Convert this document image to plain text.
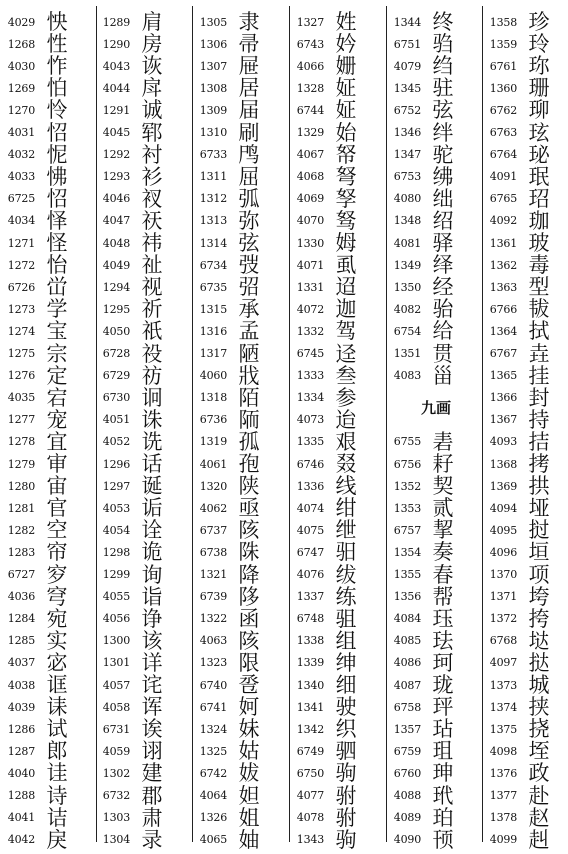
4029 怏
1268 性
4030 怍
1269 怕
1270 怜
4031 怊
4032 怩
4033 怫
6725 怊
4034 怿
1271 怪
1272 怡
6726 峃
1273 学
1274 宝
1275 宗
1276 定
4035 宕
1277 宠
1278 宜
1279 审
1280 宙
1281 官
1282 空
1283 帘
6727 穸
4036 穹
1284 宛
1285 实
4037 宓
4038 诓
4039 诔
1286 试
1287 郎
4040 诖
1288 诗
4041 诘
4042 戾
1289 肩
1290 房
4043 诙
4044 戽
1291 诚
4045 郓
1292 衬
1293 衫
4046 衩
4047 祆
4048 祎
4049 祉
1294 视
1295 祈
4050 祇
6728 祋
6729 祊
6730 诇
4051 诛
4052 诜
1296 话
1297 诞
4053 诟
4054 诠
1298 诡
1299 询
4055 诣
4056 诤
1300 该
1301 详
4057 诧
4058 诨
6731 诶
4059 诩
1302 建
6732 郡
1303 肃
1304 录
1305 隶
1306 帚
1307 屉
1308 居
1309 届
1310 刷
6733 鸤
1311 屈
1312 弧
1313 弥
1314 弦
6734 弢
6735 弨
1315 承
1316 孟
1317 陋
4060 戕
1318 陌
6736 陑
1319 孤
4061 孢
1320 陕
4062 亟
6737 陔
6738 陎
1321 降
6739 陊
1322 函
4063 陔
1323 限
6740 卺
6741 妸
1324 妹
1325 姑
6742 妭
4064 妲
1326 姐
4065 妯
1327 姓
6743 妗
4066 姗
1328 姃
6744 姃
1329 始
4067 帑
4068 弩
4069 孥
4070 驽
1330 姆
4071 虱
1331 迢
4072 迦
1332 驾
6745 迳
1333 叁
1334 参
4073 迨
1335 艰
6746 叕
1336 线
4074 绀
4075 绁
6747 驲
4076 绂
1337 练
6748 驵
1338 组
1339 绅
1340 细
1341 驶
1342 织
6749 驷
6750 驹
4077 驸
4078 驸
1343 驹
1344 终
6751 驺
4079 绉
1345 驻
6752 弦
1346 绊
1347 驼
6753 绋
4080 绌
1348 绍
4081 驿
1349 绎
1350 经
4082 骀
6754 给
1351 贯
4083 甾
九画
6755 砉
6756 耔
1352 契
1353 贰
6757 挈
1354 奏
1355 春
1356 帮
4084 珏
4085 珐
4086 珂
4087 珑
6758 玶
1357 玷
6759 珇
6760 珅
4088 玳
4089 珀
4090 顸
1358 珍
1359 玲
6761 珎
1360 珊
6762 珋
6763 玹
6764 珌
4091 珉
6765 玿
4092 珈
1361 玻
1362 毒
1363 型
6766 韨
1364 拭
6767 垚
1365 挂
1366 封
1367 持
4093 拮
1368 拷
1369 拱
4094 垭
4095 挝
4096 垣
1370 项
1371 垮
1372 挎
6768 垯
4097 挞
1373 城
1374 挟
1375 挠
4098 垤
1376 政
1377 赴
1378 赵
4099 赳
